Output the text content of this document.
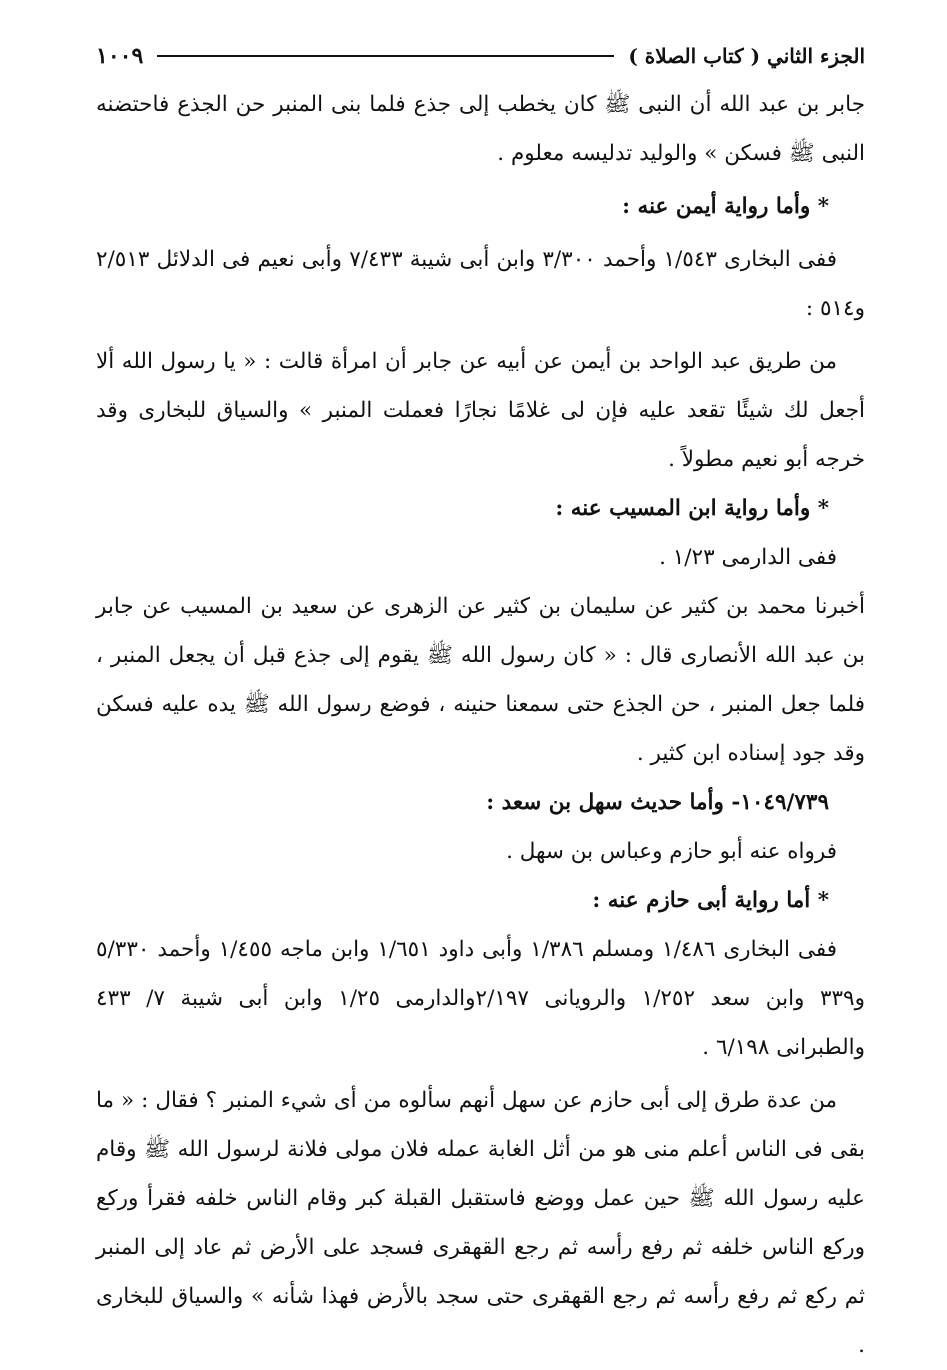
الجزء الثاني ( كتاب الصلاة )
١٠٠٩

جابر بن عبد الله أن النبى ﷺ كان يخطب إلى جذع فلما بنى المنبر حن الجذع فاحتضنه النبى ﷺ فسكن » والوليد تدليسه معلوم .

* وأما رواية أيمن عنه :

ففى البخارى ١/٥٤٣ وأحمد ٣/٣٠٠ وابن أبى شيبة ٧/٤٣٣ وأبى نعيم فى الدلائل ٢/٥١٣ و٥١٤ :

من طريق عبد الواحد بن أيمن عن أبيه عن جابر أن امرأة قالت : « يا رسول الله ألا أجعل لك شيئًا تقعد عليه فإن لى غلامًا نجارًا فعملت المنبر » والسياق للبخارى وقد خرجه أبو نعيم مطولاً .

* وأما رواية ابن المسيب عنه :

ففى الدارمى ١/٢٣ .

أخبرنا محمد بن كثير عن سليمان بن كثير عن الزهرى عن سعيد بن المسيب عن جابر بن عبد الله الأنصارى قال : « كان رسول الله ﷺ يقوم إلى جذع قبل أن يجعل المنبر ، فلما جعل المنبر ، حن الجذع حتى سمعنا حنينه ، فوضع رسول الله ﷺ يده عليه فسكن وقد جود إسناده ابن كثير .

١٠٤٩/٧٣٩- وأما حديث سهل بن سعد :

فرواه عنه أبو حازم وعباس بن سهل .

* أما رواية أبى حازم عنه :

ففى البخارى ١/٤٨٦ ومسلم ١/٣٨٦ وأبى داود ١/٦٥١ وابن ماجه ١/٤٥٥ وأحمد ٥/٣٣٠ و٣٣٩ وابن سعد ١/٢٥٢ والرويانى ٢/١٩٧والدارمى ١/٢٥ وابن أبى شيبة ٧/ ٤٣٣ والطبرانى ٦/١٩٨ .

من عدة طرق إلى أبى حازم عن سهل أنهم سألوه من أى شيء المنبر ؟ فقال : « ما بقى فى الناس أعلم منى هو من أثل الغابة عمله فلان مولى فلانة لرسول الله ﷺ وقام عليه رسول الله ﷺ حين عمل ووضع فاستقبل القبلة كبر وقام الناس خلفه فقرأ وركع وركع الناس خلفه ثم رفع رأسه ثم رجع القهقرى فسجد على الأرض ثم عاد إلى المنبر ثم ركع ثم رفع رأسه ثم رجع القهقرى حتى سجد بالأرض فهذا شأنه » والسياق للبخارى .
